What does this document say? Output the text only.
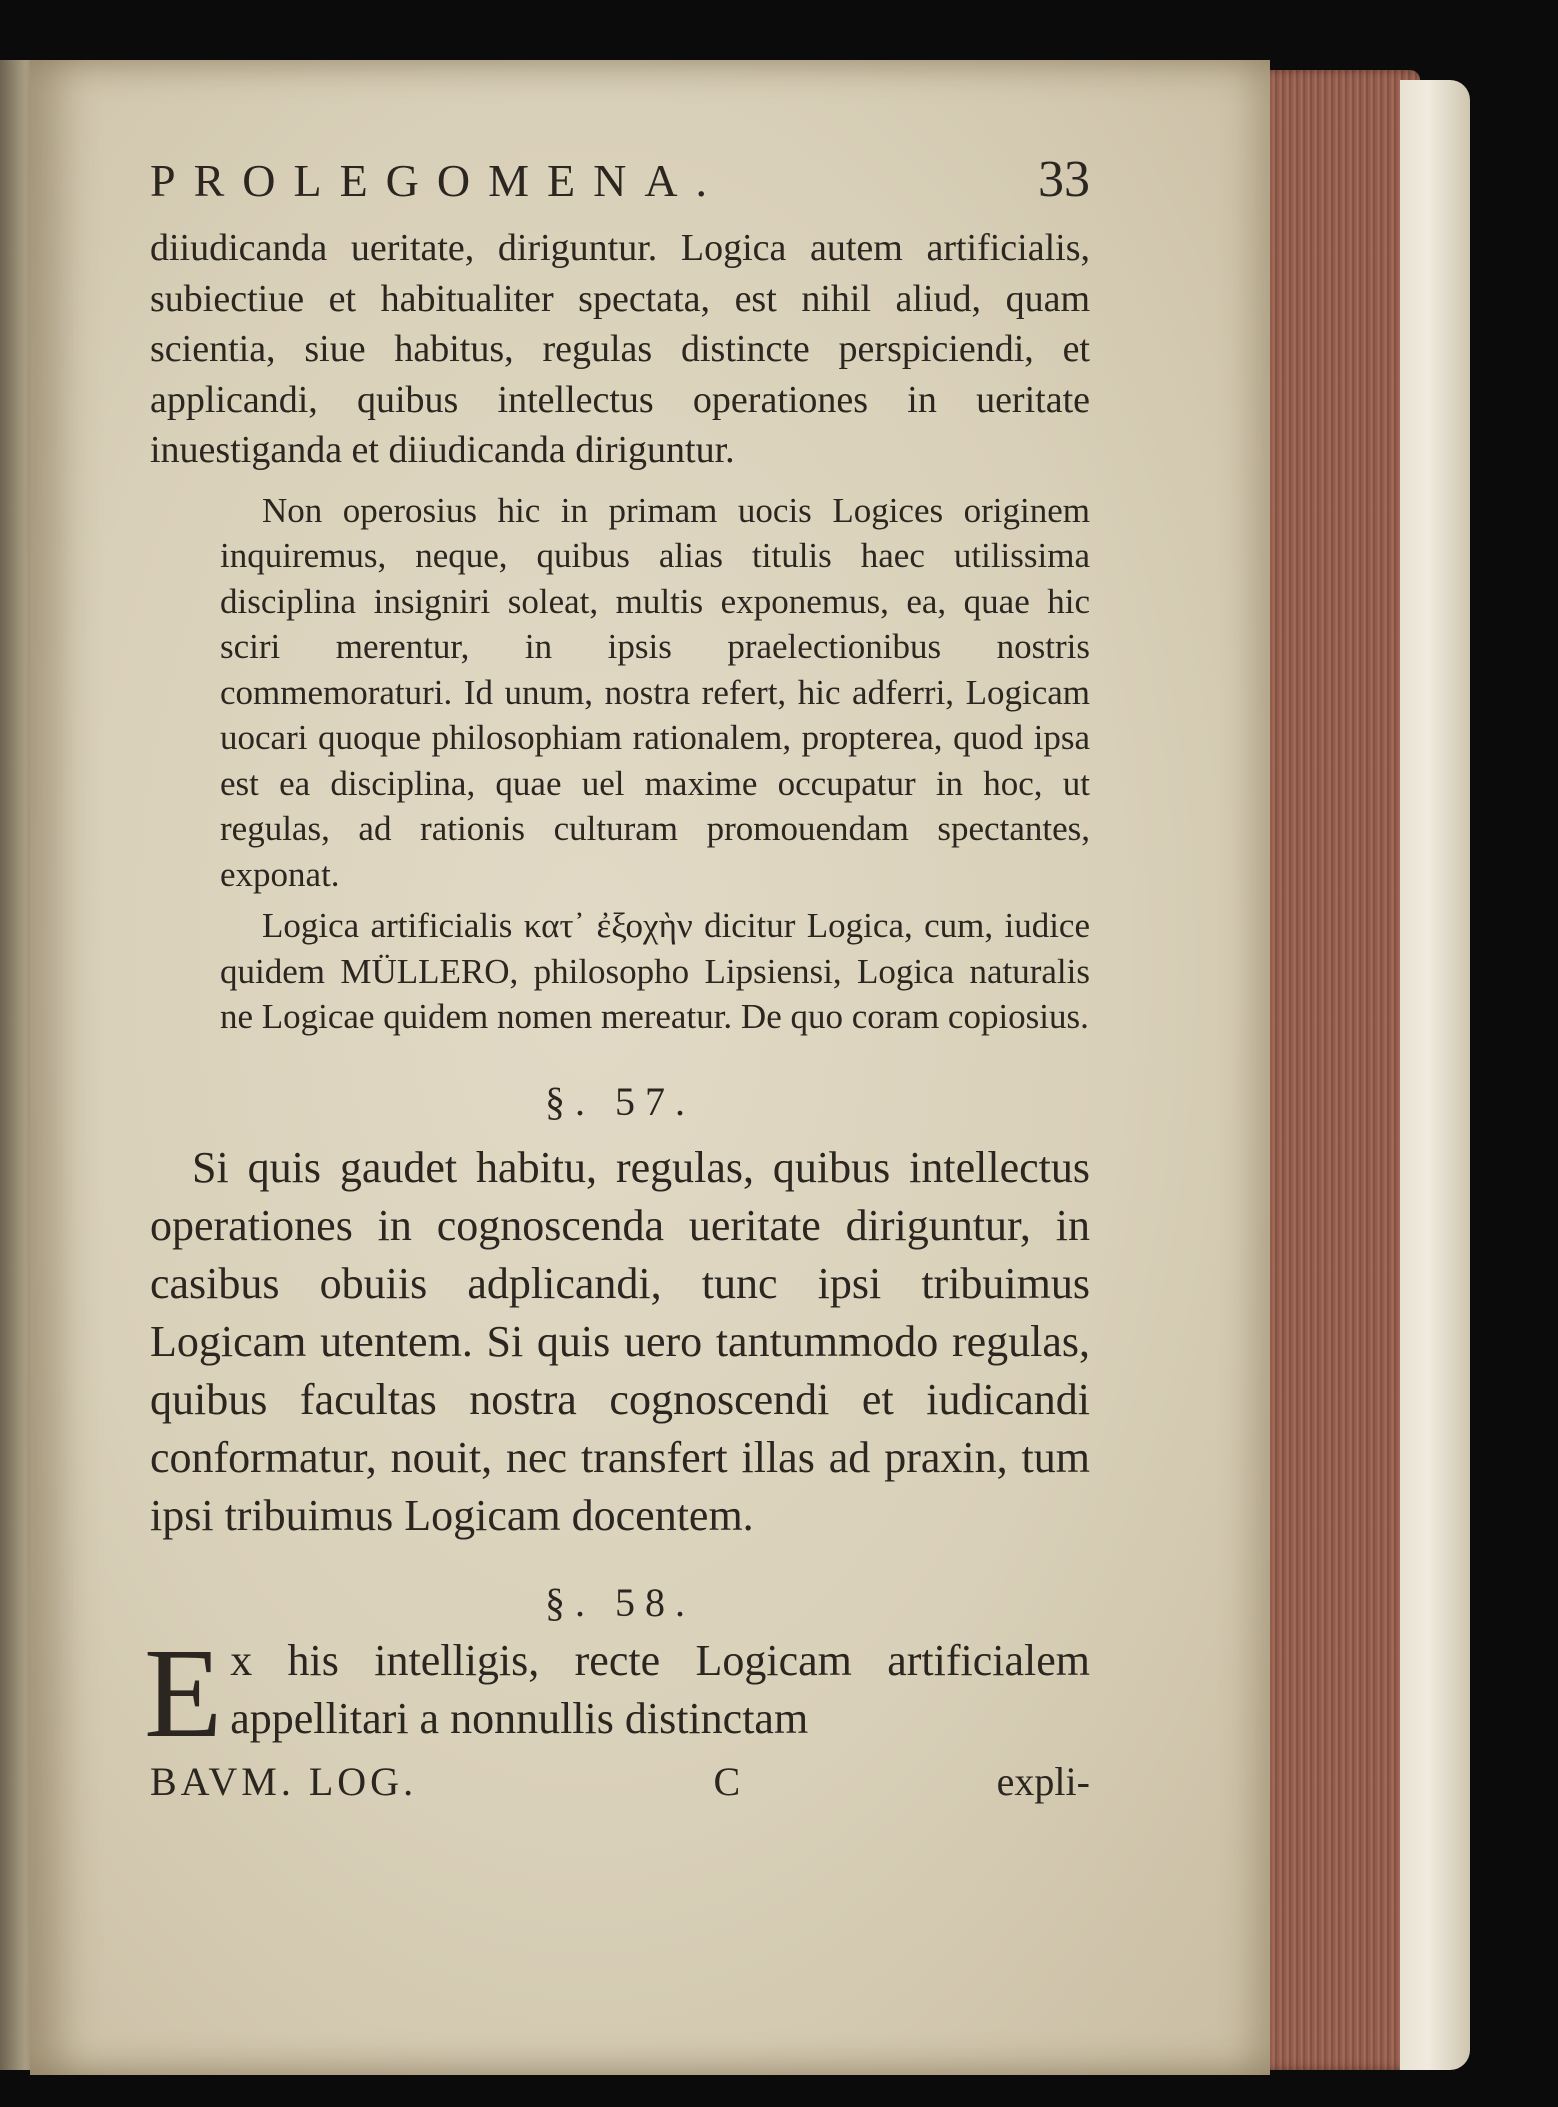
PROLEGOMENA.	33

diiudicanda ueritate, diriguntur. Logica autem artificialis, subiectiue et habitualiter spectata, est nihil aliud, quam scientia, siue habitus, regulas distincte perspiciendi, et applicandi, quibus intellectus operationes in ueritate inuestiganda et diiudicanda diriguntur.

Non operosius hic in primam uocis Logices originem inquiremus, neque, quibus alias titulis haec utilissima disciplina insigniri soleat, multis exponemus, ea, quae hic sciri merentur, in ipsis praelectionibus nostris commemoraturi. Id unum, nostra refert, hic adferri, Logicam uocari quoque philosophiam rationalem, propterea, quod ipsa est ea disciplina, quae uel maxime occupatur in hoc, ut regulas, ad rationis culturam promouendam spectantes, exponat.

Logica artificialis κατ᾽ ἐξοχὴν dicitur Logica, cum, iudice quidem MÜLLERO, philosopho Lipsiensi, Logica naturalis ne Logicae quidem nomen mereatur. De quo coram copiosius.

§. 57.

Si quis gaudet habitu, regulas, quibus intellectus operationes in cognoscenda ueritate diriguntur, in casibus obuiis adplicandi, tunc ipsi tribuimus Logicam utentem. Si quis uero tantummodo regulas, quibus facultas nostra cognoscendi et iudicandi conformatur, nouit, nec transfert illas ad praxin, tum ipsi tribuimus Logicam docentem.

§. 58.

Ex his intelligis, recte Logicam artificialem appellitari a nonnullis distinctam

BAVM. LOG.	C	expli-
